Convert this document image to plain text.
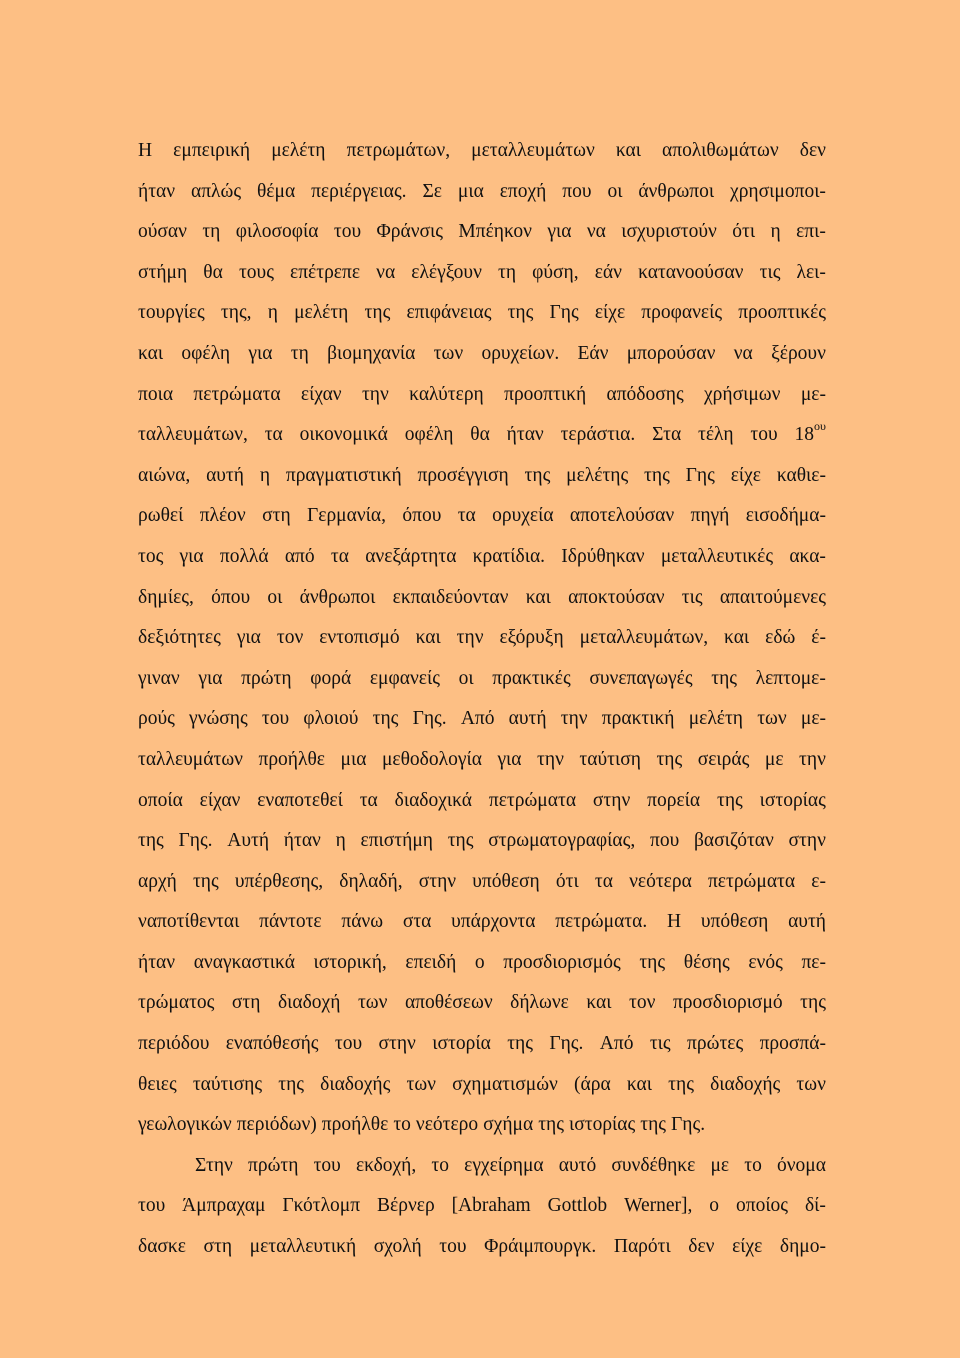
Η εμπειρική μελέτη πετρωμάτων, μεταλλευμάτων και απολιθωμάτων δεν
ήταν απλώς θέμα περιέργειας. Σε μια εποχή που οι άνθρωποι χρησιμοποι-
ούσαν τη φιλοσοφία του Φράνσις Μπέηκον για να ισχυριστούν ότι η επι-
στήμη θα τους επέτρεπε να ελέγξουν τη φύση, εάν κατανοούσαν τις λει-
τουργίες της, η μελέτη της επιφάνειας της Γης είχε προφανείς προοπτικές
και οφέλη για τη βιομηχανία των ορυχείων. Εάν μπορούσαν να ξέρουν
ποια πετρώματα είχαν την καλύτερη προοπτική απόδοσης χρήσιμων με-
ταλλευμάτων, τα οικονομικά οφέλη θα ήταν τεράστια. Στα τέλη του $18^{o\upsilon}$
αιώνα, αυτή η πραγματιστική προσέγγιση της μελέτης της Γης είχε καθιε-
ρωθεί πλέον στη Γερμανία, όπου τα ορυχεία αποτελούσαν πηγή εισοδήμα-
τος για πολλά από τα ανεξάρτητα κρατίδια. Ιδρύθηκαν μεταλλευτικές ακα-
δημίες, όπου οι άνθρωποι εκπαιδεύονταν και αποκτούσαν τις απαιτούμενες
δεξιότητες για τον εντοπισμό και την εξόρυξη μεταλλευμάτων, και εδώ έ-
γιναν για πρώτη φορά εμφανείς οι πρακτικές συνεπαγωγές της λεπτομε-
ρούς γνώσης του φλοιού της Γης. Από αυτή την πρακτική μελέτη των με-
ταλλευμάτων προήλθε μια μεθοδολογία για την ταύτιση της σειράς με την
οποία είχαν εναποτεθεί τα διαδοχικά πετρώματα στην πορεία της ιστορίας
της Γης. Αυτή ήταν η επιστήμη της στρωματογραφίας, που βασιζόταν στην
αρχή της υπέρθεσης, δηλαδή, στην υπόθεση ότι τα νεότερα πετρώματα ε-
ναποτίθενται πάντοτε πάνω στα υπάρχοντα πετρώματα. Η υπόθεση αυτή
ήταν αναγκαστικά ιστορική, επειδή ο προσδιορισμός της θέσης ενός πε-
τρώματος στη διαδοχή των αποθέσεων δήλωνε και τον προσδιορισμό της
περιόδου εναπόθεσής του στην ιστορία της Γης. Από τις πρώτες προσπά-
θειες ταύτισης της διαδοχής των σχηματισμών (άρα και της διαδοχής των
γεωλογικών περιόδων) προήλθε το νεότερο σχήμα της ιστορίας της Γης.
Στην πρώτη του εκδοχή, το εγχείρημα αυτό συνδέθηκε με το όνομα
του Άμπραχαμ Γκότλομπ Βέρνερ [Abraham Gottlob Werner], ο οποίος δί-
δασκε στη μεταλλευτική σχολή του Φράιμπουργκ. Παρότι δεν είχε δημο-
